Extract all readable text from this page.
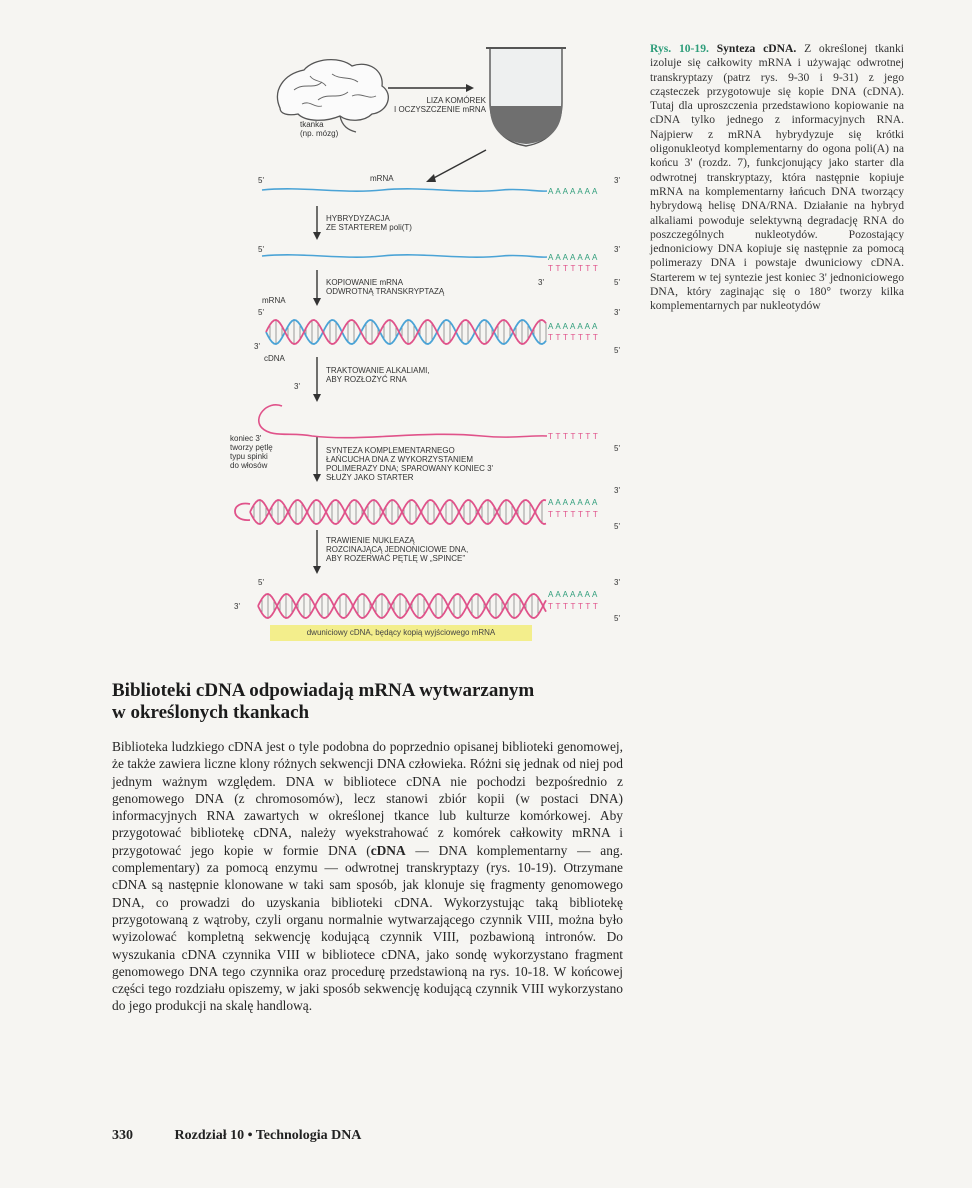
tkanka
(np. mózg)
LIZA KOMÓREK
I OCZYSZCZENIE mRNA
5'	mRNA	3'
AAAAAAA
HYBRYDYZACJA
ZE STARTEREM poli(T)
5'	3'
AAAAAAA
TTTTTTT
3'	5'
KOPIOWANIE mRNA
ODWROTNĄ TRANSKRYPTAZĄ
mRNA
5'	3'
AAAAAAA
TTTTTTT
3'	5'
cDNA
TRAKTOWANIE ALKALIAMI,
ABY ROZŁOŻYĆ RNA
3'
TTTTTTT
5'
koniec 3'
tworzy pętlę
typu spinki
do włosów
SYNTEZA KOMPLEMENTARNEGO
ŁAŃCUCHA DNA Z WYKORZYSTANIEM
POLIMERAZY DNA; SPAROWANY KONIEC 3'
SŁUŻY JAKO STARTER
3'
AAAAAAA
TTTTTTT
5'
TRAWIENIE NUKLEAZĄ
ROZCINAJĄCĄ JEDNONICIOWE DNA,
ABY ROZERWAĆ PĘTLĘ W „SPINCE”
5'	3'
3'
AAAAAAA
TTTTTTT
5'
dwuniciowy cDNA, będący kopią wyjściowego mRNA
Rys. 10-19. Synteza cDNA. Z określonej tkanki izoluje się całkowity mRNA i używając odwrotnej transkryptazy (patrz rys. 9-30 i 9-31) z jego cząsteczek przygotowuje się kopie DNA (cDNA). Tutaj dla uproszczenia przedstawiono kopiowanie na cDNA tylko jednego z informacyjnych RNA. Najpierw z mRNA hybrydyzuje się krótki oligonukleotyd komplementarny do ogona poli(A) na końcu 3' (rozdz. 7), funkcjonujący jako starter dla odwrotnej transkryptazy, która następnie kopiuje mRNA na komplementarny łańcuch DNA tworzący hybrydową helisę DNA/RNA. Działanie na hybryd alkaliami powoduje selektywną degradację RNA do poszczególnych nukleotydów. Pozostający jednoniciowy DNA kopiuje się następnie za pomocą polimerazy DNA i powstaje dwuniciowy cDNA. Starterem w tej syntezie jest koniec 3' jednoniciowego DNA, który zaginając się o 180° tworzy kilka komplementarnych par nukleotydów
Biblioteki cDNA odpowiadają mRNA wytwarzanym
w określonych tkankach
Biblioteka ludzkiego cDNA jest o tyle podobna do poprzednio opisanej biblioteki genomowej, że także zawiera liczne klony różnych sekwencji DNA człowieka. Różni się jednak od niej pod jednym ważnym względem. DNA w bibliotece cDNA nie pochodzi bezpośrednio z genomowego DNA (z chromosomów), lecz stanowi zbiór kopii (w postaci DNA) informacyjnych RNA zawartych w określonej tkance lub kulturze komórkowej. Aby przygotować bibliotekę cDNA, należy wyekstrahować z komórek całkowity mRNA i przygotować jego kopie w formie DNA (cDNA — DNA komplementarny — ang. complementary) za pomocą enzymu — odwrotnej transkryptazy (rys. 10-19). Otrzymane cDNA są następnie klonowane w taki sam sposób, jak klonuje się fragmenty genomowego DNA, co prowadzi do uzyskania biblioteki cDNA. Wykorzystując taką bibliotekę przygotowaną z wątroby, czyli organu normalnie wytwarzającego czynnik VIII, można było wyizolować kompletną sekwencję kodującą czynnik VIII, pozbawioną intronów. Do wyszukania cDNA czynnika VIII w bibliotece cDNA, jako sondę wykorzystano fragment genomowego DNA tego czynnika oraz procedurę przedstawioną na rys. 10-18. W końcowej części tego rozdziału opiszemy, w jaki sposób sekwencję kodującą czynnik VIII wykorzystano do jego produkcji na skalę handlową.
330	Rozdział 10 • Technologia DNA
